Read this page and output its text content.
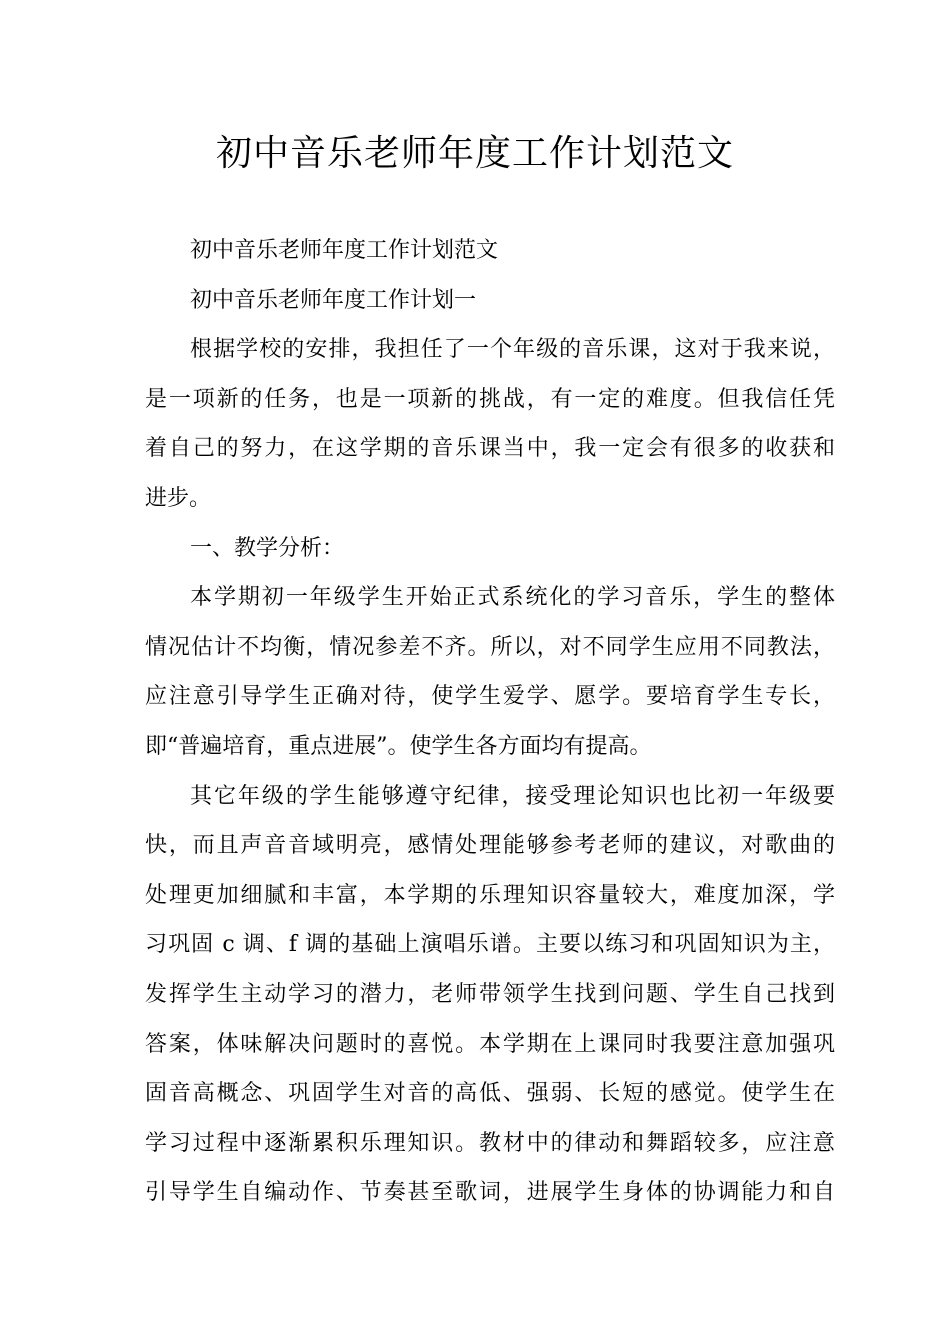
初中音乐老师年度工作计划范文

初中音乐老师年度工作计划范文

初中音乐老师年度工作计划一

根据学校的安排，我担任了一个年级的音乐课，这对于我来说，

是一项新的任务，也是一项新的挑战，有一定的难度。但我信任凭

着自己的努力，在这学期的音乐课当中，我一定会有很多的收获和

进步。

一、教学分析：

本学期初一年级学生开始正式系统化的学习音乐，学生的整体

情况估计不均衡，情况参差不齐。所以，对不同学生应用不同教法，

应注意引导学生正确对待，使学生爱学、愿学。要培育学生专长，

即“普遍培育，重点进展”。使学生各方面均有提高。

其它年级的学生能够遵守纪律，接受理论知识也比初一年级要

快，而且声音音域明亮，感情处理能够参考老师的建议，对歌曲的

处理更加细腻和丰富，本学期的乐理知识容量较大，难度加深，学

习巩固 c 调、f 调的基础上演唱乐谱。主要以练习和巩固知识为主，

发挥学生主动学习的潜力，老师带领学生找到问题、学生自己找到

答案，体味解决问题时的喜悦。本学期在上课同时我要注意加强巩

固音高概念、巩固学生对音的高低、强弱、长短的感觉。使学生在

学习过程中逐渐累积乐理知识。教材中的律动和舞蹈较多，应注意

引导学生自编动作、节奏甚至歌词，进展学生身体的协调能力和自
